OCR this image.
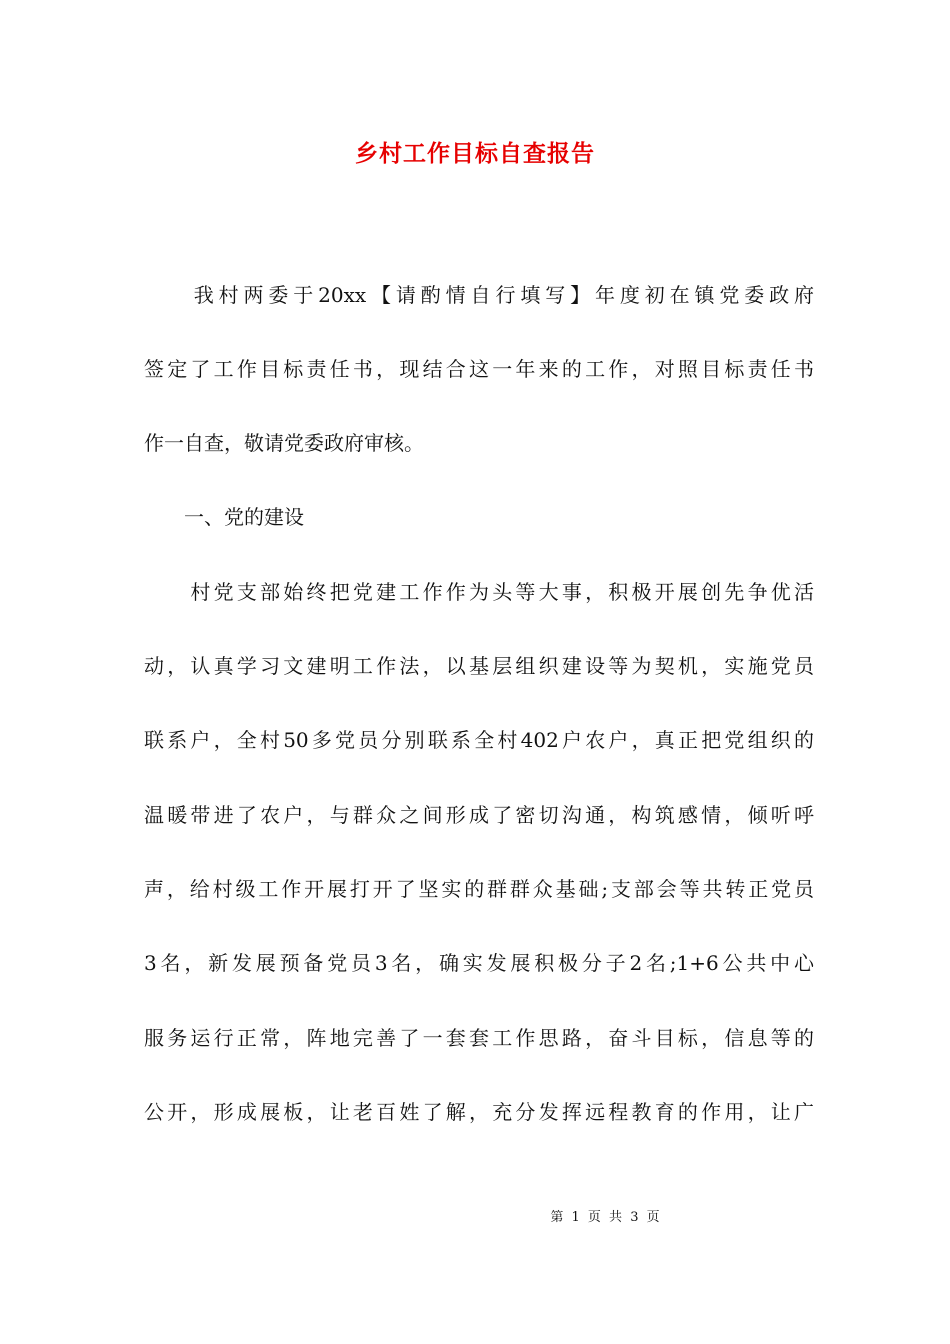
乡村工作目标自查报告
　　我村两委于20xx【请酌情自行填写】年度初在镇党委政府
签定了工作目标责任书，现结合这一年来的工作，对照目标责任书
作一自查，敬请党委政府审核。
　　一、党的建设
　　村党支部始终把党建工作作为头等大事，积极开展创先争优活
动，认真学习文建明工作法，以基层组织建设等为契机，实施党员
联系户，全村50多党员分别联系全村402户农户，真正把党组织的
温暖带进了农户，与群众之间形成了密切沟通，构筑感情，倾听呼
声，给村级工作开展打开了坚实的群群众基础;支部会等共转正党员
3名，新发展预备党员3名，确实发展积极分子2名;1+6公共中心
服务运行正常，阵地完善了一套套工作思路，奋斗目标，信息等的
公开，形成展板，让老百姓了解，充分发挥远程教育的作用，让广
第 1 页 共 3 页
